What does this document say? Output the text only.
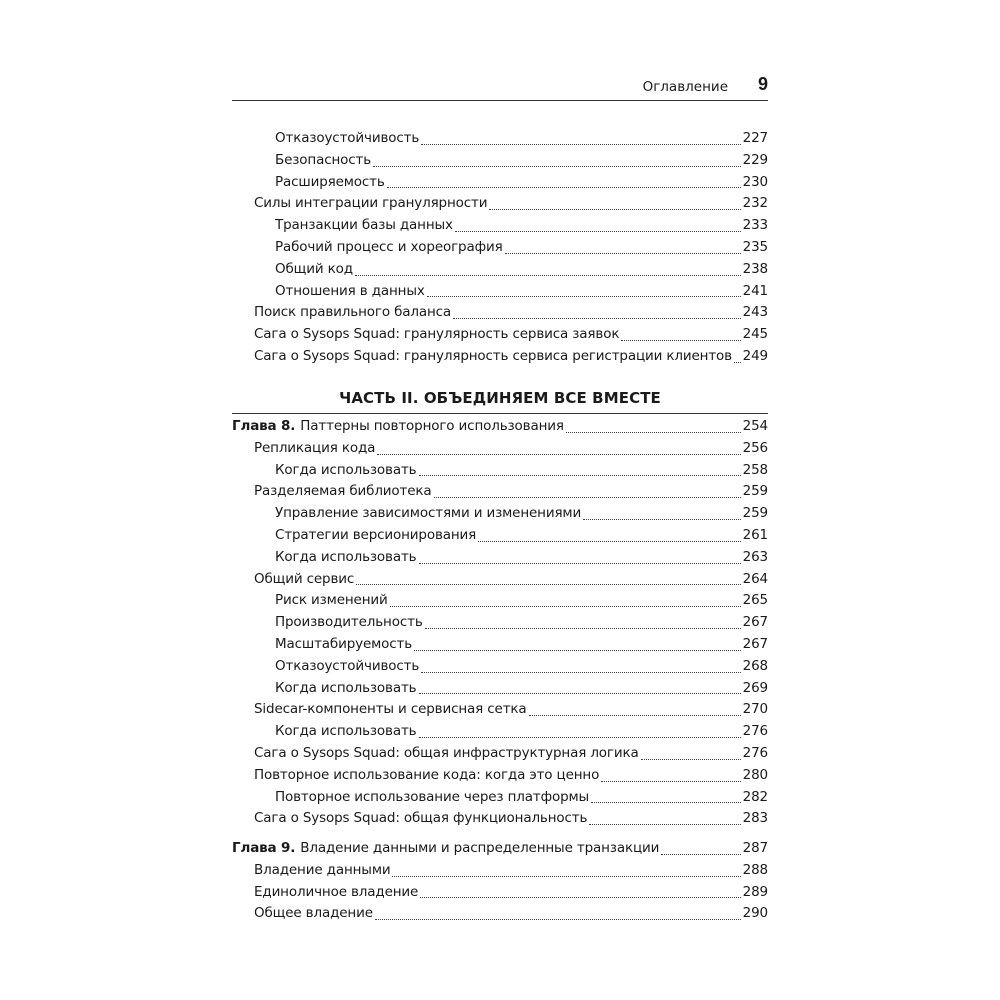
Оглавление 9
Отказоустойчивость	227
Безопасность	229
Расширяемость	230
Силы интеграции гранулярности	232
Транзакции базы данных	233
Рабочий процесс и хореография	235
Общий код	238
Отношения в данных	241
Поиск правильного баланса	243
Сага о Sysops Squad: гранулярность сервиса заявок	245
Сага о Sysops Squad: гранулярность сервиса регистрации клиентов 249
ЧАСТЬ II. ОБЪЕДИНЯЕМ ВСЕ ВМЕСТЕ
Глава 8. Паттерны повторного использования	254
Репликация кода	256
Когда использовать	258
Разделяемая библиотека	259
Управление зависимостями и изменениями	259
Стратегии версионирования	261
Когда использовать	263
Общий сервис	264
Риск изменений	265
Производительность	267
Масштабируемость	267
Отказоустойчивость	268
Когда использовать	269
Sidecar-компоненты и сервисная сетка	270
Когда использовать	276
Сага о Sysops Squad: общая инфраструктурная логика	276
Повторное использование кода: когда это ценно	280
Повторное использование через платформы	282
Сага о Sysops Squad: общая функциональность	283
Глава 9. Владение данными и распределенные транзакции	287
Владение данными	288
Единоличное владение	289
Общее владение	290
